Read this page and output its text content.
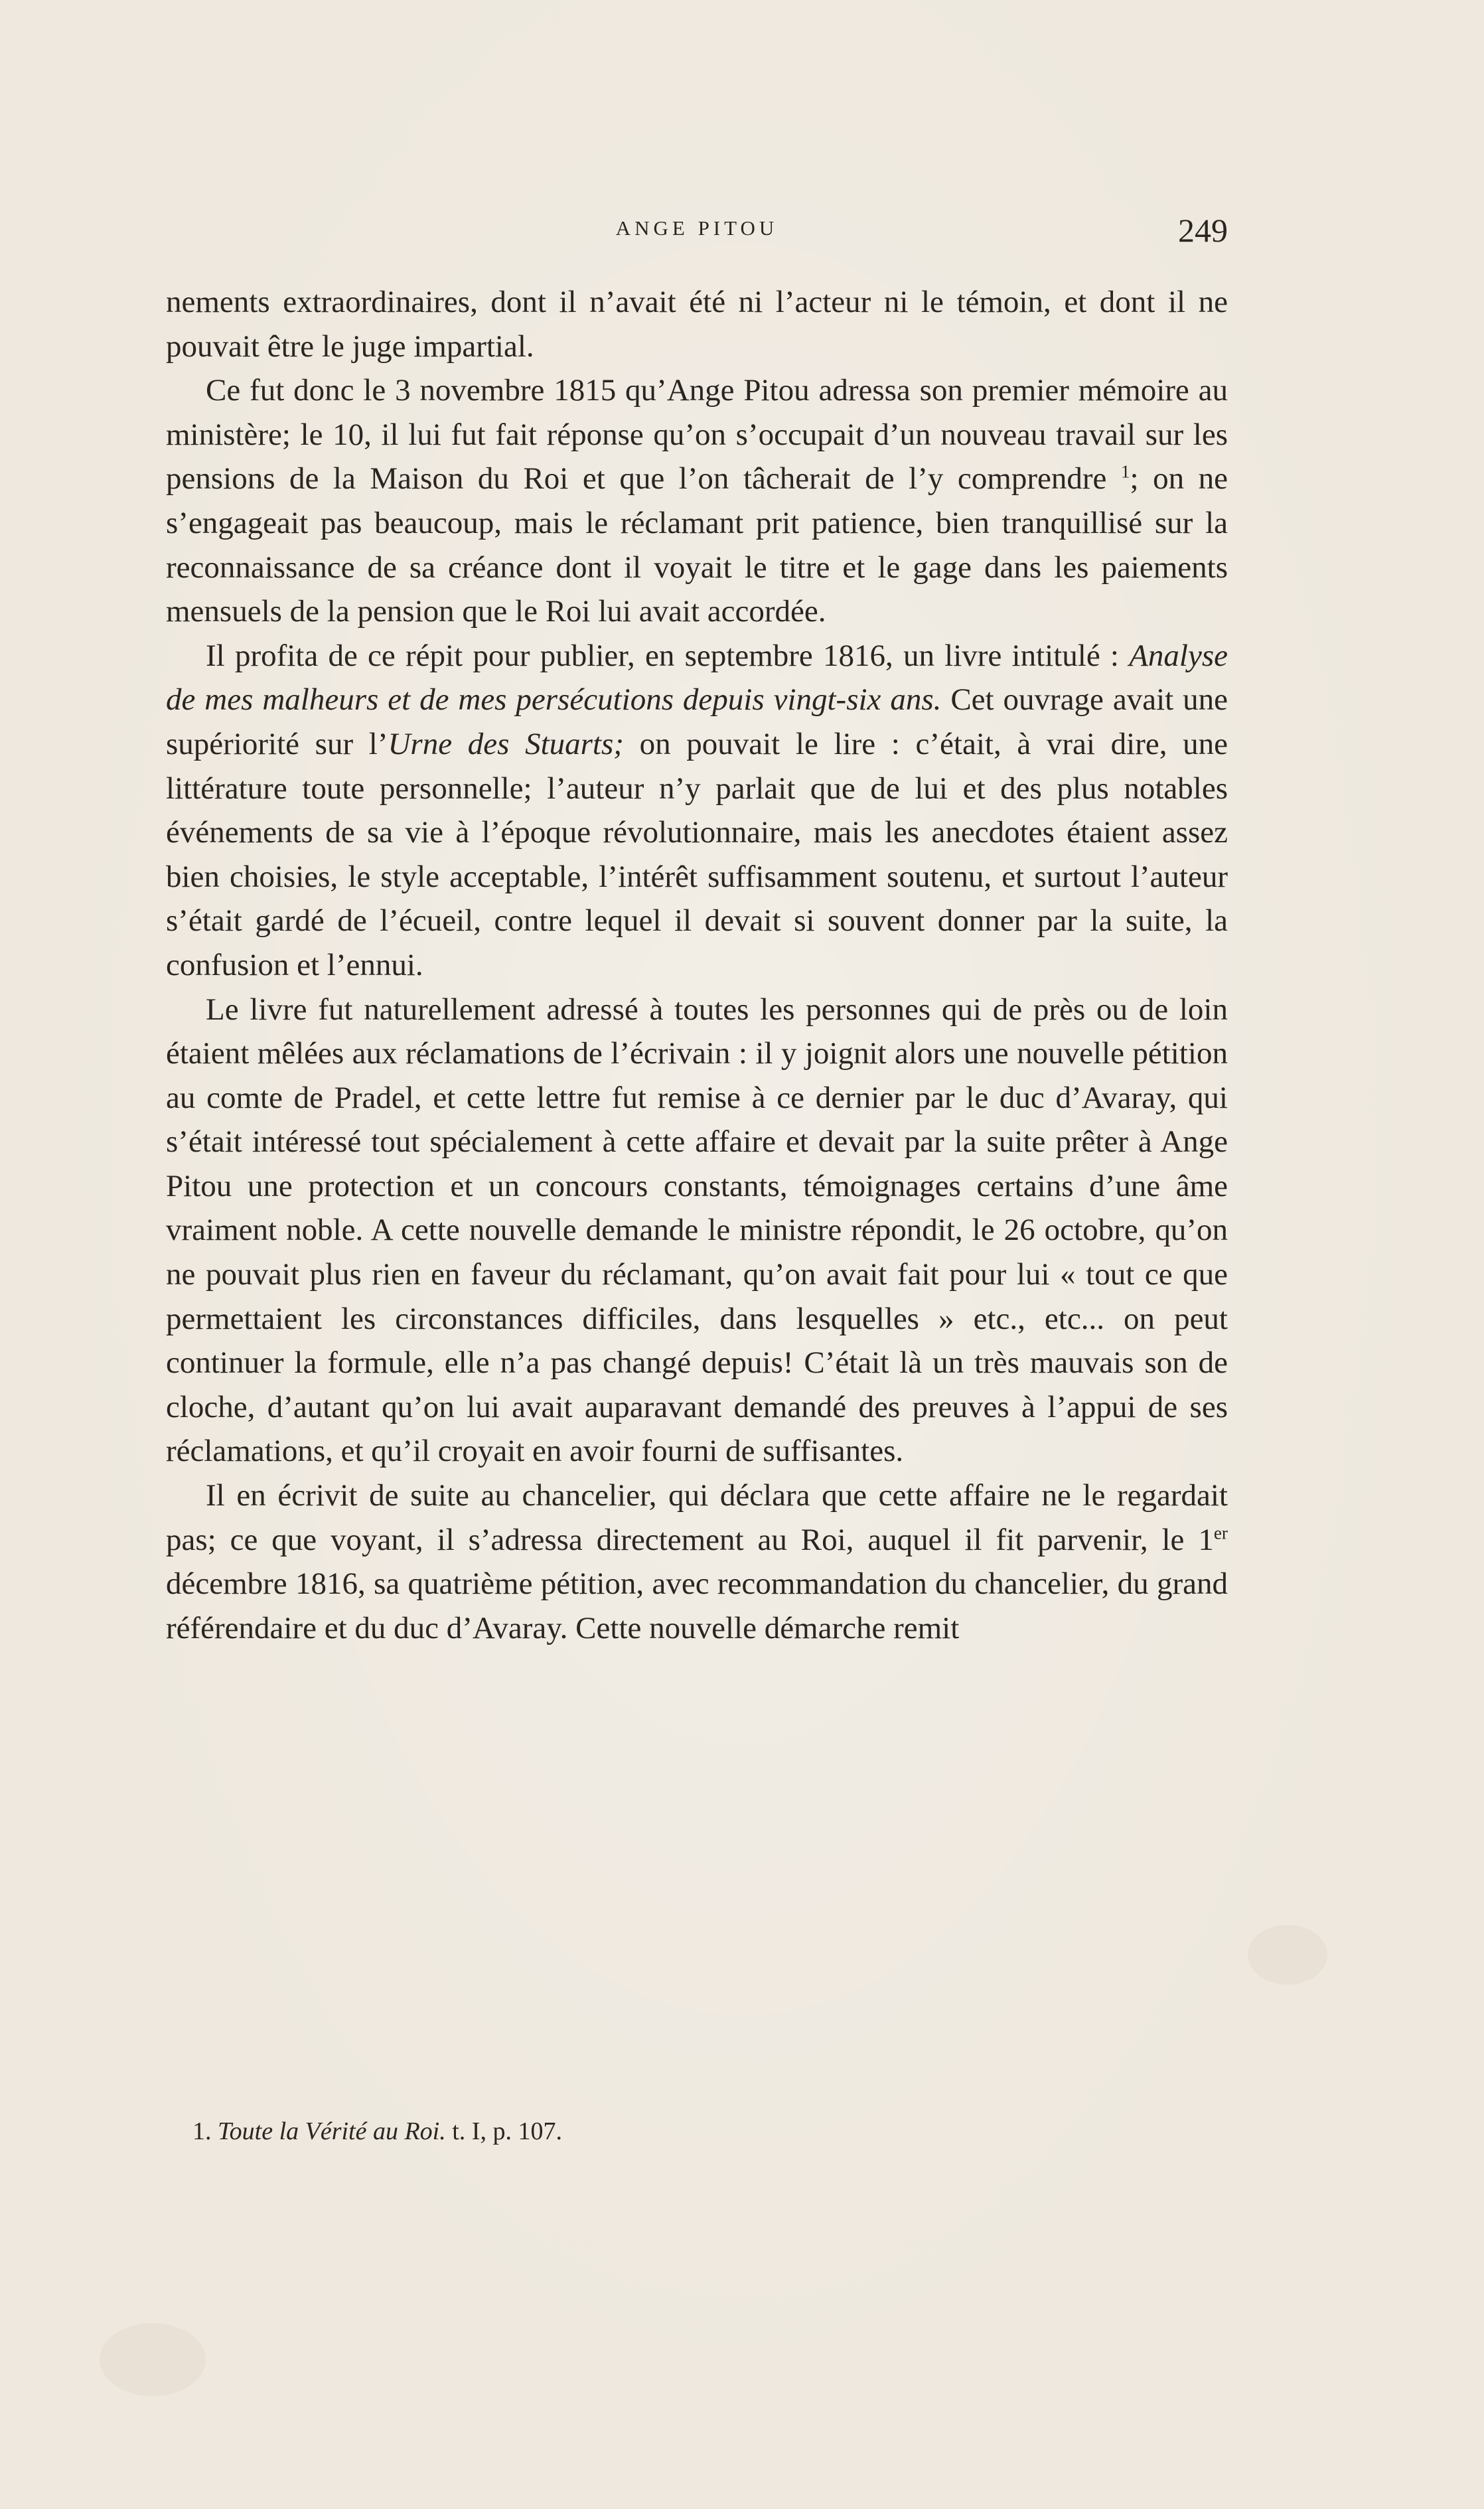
ANGE PITOU	249

nements extraordinaires, dont il n’avait été ni l’acteur ni le témoin, et dont il ne pouvait être le juge impartial.

Ce fut donc le 3 novembre 1815 qu’Ange Pitou adressa son premier mémoire au ministère; le 10, il lui fut fait réponse qu’on s’occupait d’un nouveau travail sur les pensions de la Maison du Roi et que l’on tâcherait de l’y comprendre $^1$; on ne s’engageait pas beaucoup, mais le réclamant prit patience, bien tranquillisé sur la reconnaissance de sa créance dont il voyait le titre et le gage dans les paiements mensuels de la pension que le Roi lui avait accordée.

Il profita de ce répit pour publier, en septembre 1816, un livre intitulé : Analyse de mes malheurs et de mes persécutions depuis vingt-six ans. Cet ouvrage avait une supériorité sur l’Urne des Stuarts; on pouvait le lire : c’était, à vrai dire, une littérature toute personnelle; l’auteur n’y parlait que de lui et des plus notables événements de sa vie à l’époque révolutionnaire, mais les anecdotes étaient assez bien choisies, le style acceptable, l’intérêt suffisamment soutenu, et surtout l’auteur s’était gardé de l’écueil, contre lequel il devait si souvent donner par la suite, la confusion et l’ennui.

Le livre fut naturellement adressé à toutes les personnes qui de près ou de loin étaient mêlées aux réclamations de l’écrivain : il y joignit alors une nouvelle pétition au comte de Pradel, et cette lettre fut remise à ce dernier par le duc d’Avaray, qui s’était intéressé tout spécialement à cette affaire et devait par la suite prêter à Ange Pitou une protection et un concours constants, témoignages certains d’une âme vraiment noble. A cette nouvelle demande le ministre répondit, le 26 octobre, qu’on ne pouvait plus rien en faveur du réclamant, qu’on avait fait pour lui « tout ce que permettaient les circonstances difficiles, dans lesquelles » etc., etc... on peut continuer la formule, elle n’a pas changé depuis! C’était là un très mauvais son de cloche, d’autant qu’on lui avait auparavant demandé des preuves à l’appui de ses réclamations, et qu’il croyait en avoir fourni de suffisantes.

Il en écrivit de suite au chancelier, qui déclara que cette affaire ne le regardait pas; ce que voyant, il s’adressa directement au Roi, auquel il fit parvenir, le 1er décembre 1816, sa quatrième pétition, avec recommandation du chancelier, du grand référendaire et du duc d’Avaray. Cette nouvelle démarche remit

1. Toute la Vérité au Roi. t. I, p. 107.
